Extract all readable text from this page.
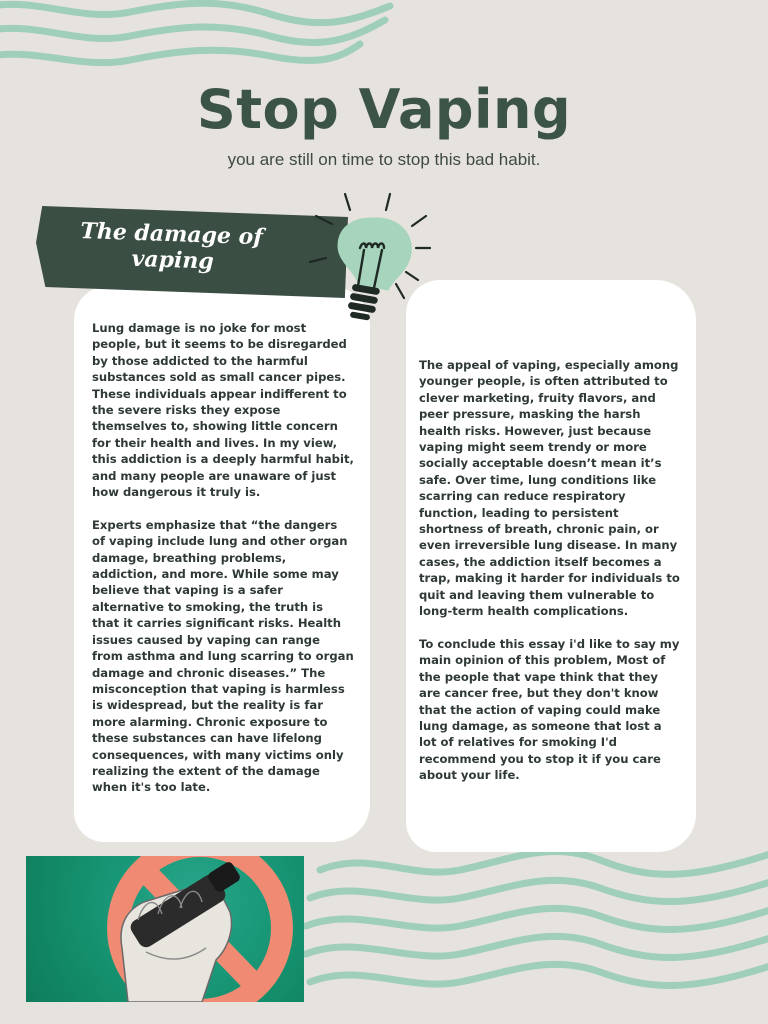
Stop Vaping
you are still on time to stop this bad habit.
The damage of
vaping

Lung damage is no joke for most people, but it seems to be disregarded by those addicted to the harmful substances sold as small cancer pipes. These individuals appear indifferent to the severe risks they expose themselves to, showing little concern for their health and lives. In my view, this addiction is a deeply harmful habit, and many people are unaware of just how dangerous it truly is.

Experts emphasize that “the dangers of vaping include lung and other organ damage, breathing problems, addiction, and more. While some may believe that vaping is a safer alternative to smoking, the truth is that it carries significant risks. Health issues caused by vaping can range from asthma and lung scarring to organ damage and chronic diseases.” The misconception that vaping is harmless is widespread, but the reality is far more alarming. Chronic exposure to these substances can have lifelong consequences, with many victims only realizing the extent of the damage when it's too late.

The appeal of vaping, especially among younger people, is often attributed to clever marketing, fruity flavors, and peer pressure, masking the harsh health risks. However, just because vaping might seem trendy or more socially acceptable doesn’t mean it’s safe. Over time, lung conditions like scarring can reduce respiratory function, leading to persistent shortness of breath, chronic pain, or even irreversible lung disease. In many cases, the addiction itself becomes a trap, making it harder for individuals to quit and leaving them vulnerable to long-term health complications.

To conclude this essay i'd like to say my main opinion of this problem, Most of the people that vape think that they are cancer free, but they don't know that the action of vaping could make lung damage, as someone that lost a lot of relatives for smoking I'd recommend you to stop it if you care about your life.
